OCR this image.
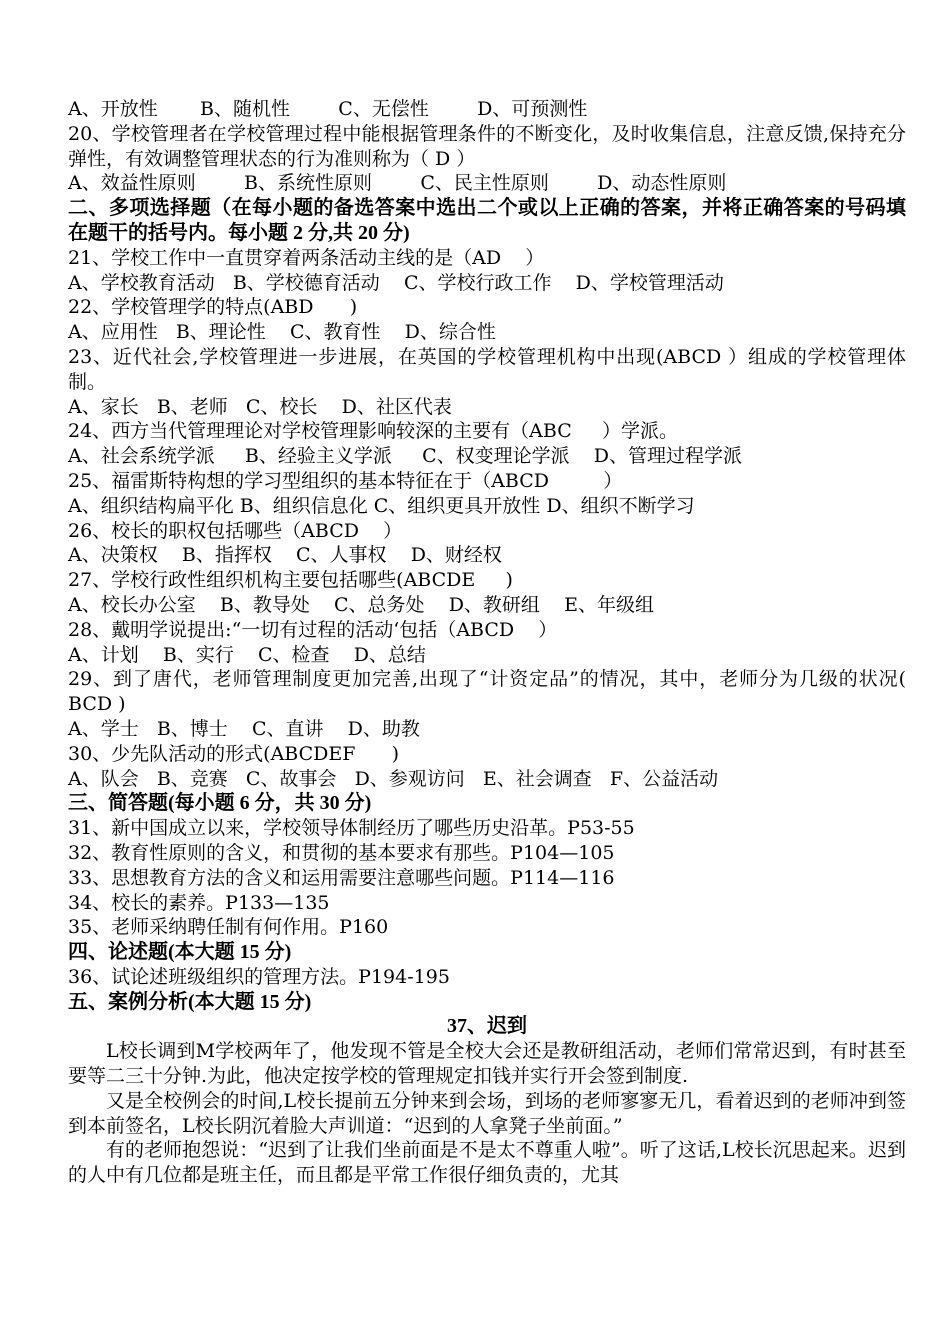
A、开放性       B、随机性        C、无偿性        D、可预测性
20、学校管理者在学校管理过程中能根据管理条件的不断变化，及时收集信息，注意反馈,保持充分弹性，有效调整管理状态的行为准则称为（ D ）
A、效益性原则        B、系统性原则        C、民主性原则        D、动态性原则
二、多项选择题（在每小题的备选答案中选出二个或以上正确的答案，并将正确答案的号码填在题干的括号内。每小题 2 分,共 20 分)
21、学校工作中一直贯穿着两条活动主线的是（AD    ）
A、学校教育活动   B、学校德育活动    C、学校行政工作    D、学校管理活动
22、学校管理学的特点(ABD      )
A、应用性   B、理论性    C、教育性    D、综合性
23、近代社会,学校管理进一步进展，在英国的学校管理机构中出现(ABCD ）组成的学校管理体制。
A、家长   B、老师   C、校长    D、社区代表
24、西方当代管理理论对学校管理影响较深的主要有（ABC     ）学派。
A、社会系统学派     B、经验主义学派     C、权变理论学派    D、管理过程学派
25、福雷斯特构想的学习型组织的基本特征在于（ABCD         ）
A、组织结构扁平化 B、组织信息化 C、组织更具开放性 D、组织不断学习
26、校长的职权包括哪些（ABCD    ）
A、决策权    B、指挥权    C、人事权    D、财经权
27、学校行政性组织机构主要包括哪些(ABCDE     )
A、校长办公室    B、教导处    C、总务处    D、教研组    E、年级组
28、戴明学说提出:“一切有过程的活动‘包括（ABCD    ）
A、计划    B、实行    C、检查    D、总结
29、到了唐代，老师管理制度更加完善,出现了“计资定品”的情况，其中，老师分为几级的状况( BCD )
A、学士   B、博士    C、直讲    D、助教
30、少先队活动的形式(ABCDEF      )
A、队会   B、竞赛   C、故事会   D、参观访问   E、社会调查   F、公益活动
三、简答题(每小题 6 分，共 30 分)
31、新中国成立以来，学校领导体制经历了哪些历史沿革。P53-55
32、教育性原则的含义，和贯彻的基本要求有那些。P104—105
33、思想教育方法的含义和运用需要注意哪些问题。P114—116
34、校长的素养。P133—135
35、老师采纳聘任制有何作用。P160
四、论述题(本大题 15 分)
36、试论述班级组织的管理方法。P194-195
五、案例分析(本大题 15 分)
37、迟到
L校长调到M学校两年了，他发现不管是全校大会还是教研组活动，老师们常常迟到，有时甚至要等二三十分钟.为此，他决定按学校的管理规定扣钱并实行开会签到制度.
又是全校例会的时间,L校长提前五分钟来到会场，到场的老师寥寥无几，看着迟到的老师冲到签到本前签名，L校长阴沉着脸大声训道：“迟到的人拿凳子坐前面。”
有的老师抱怨说：“迟到了让我们坐前面是不是太不尊重人啦”。听了这话,L校长沉思起来。迟到的人中有几位都是班主任，而且都是平常工作很仔细负责的，尤其
